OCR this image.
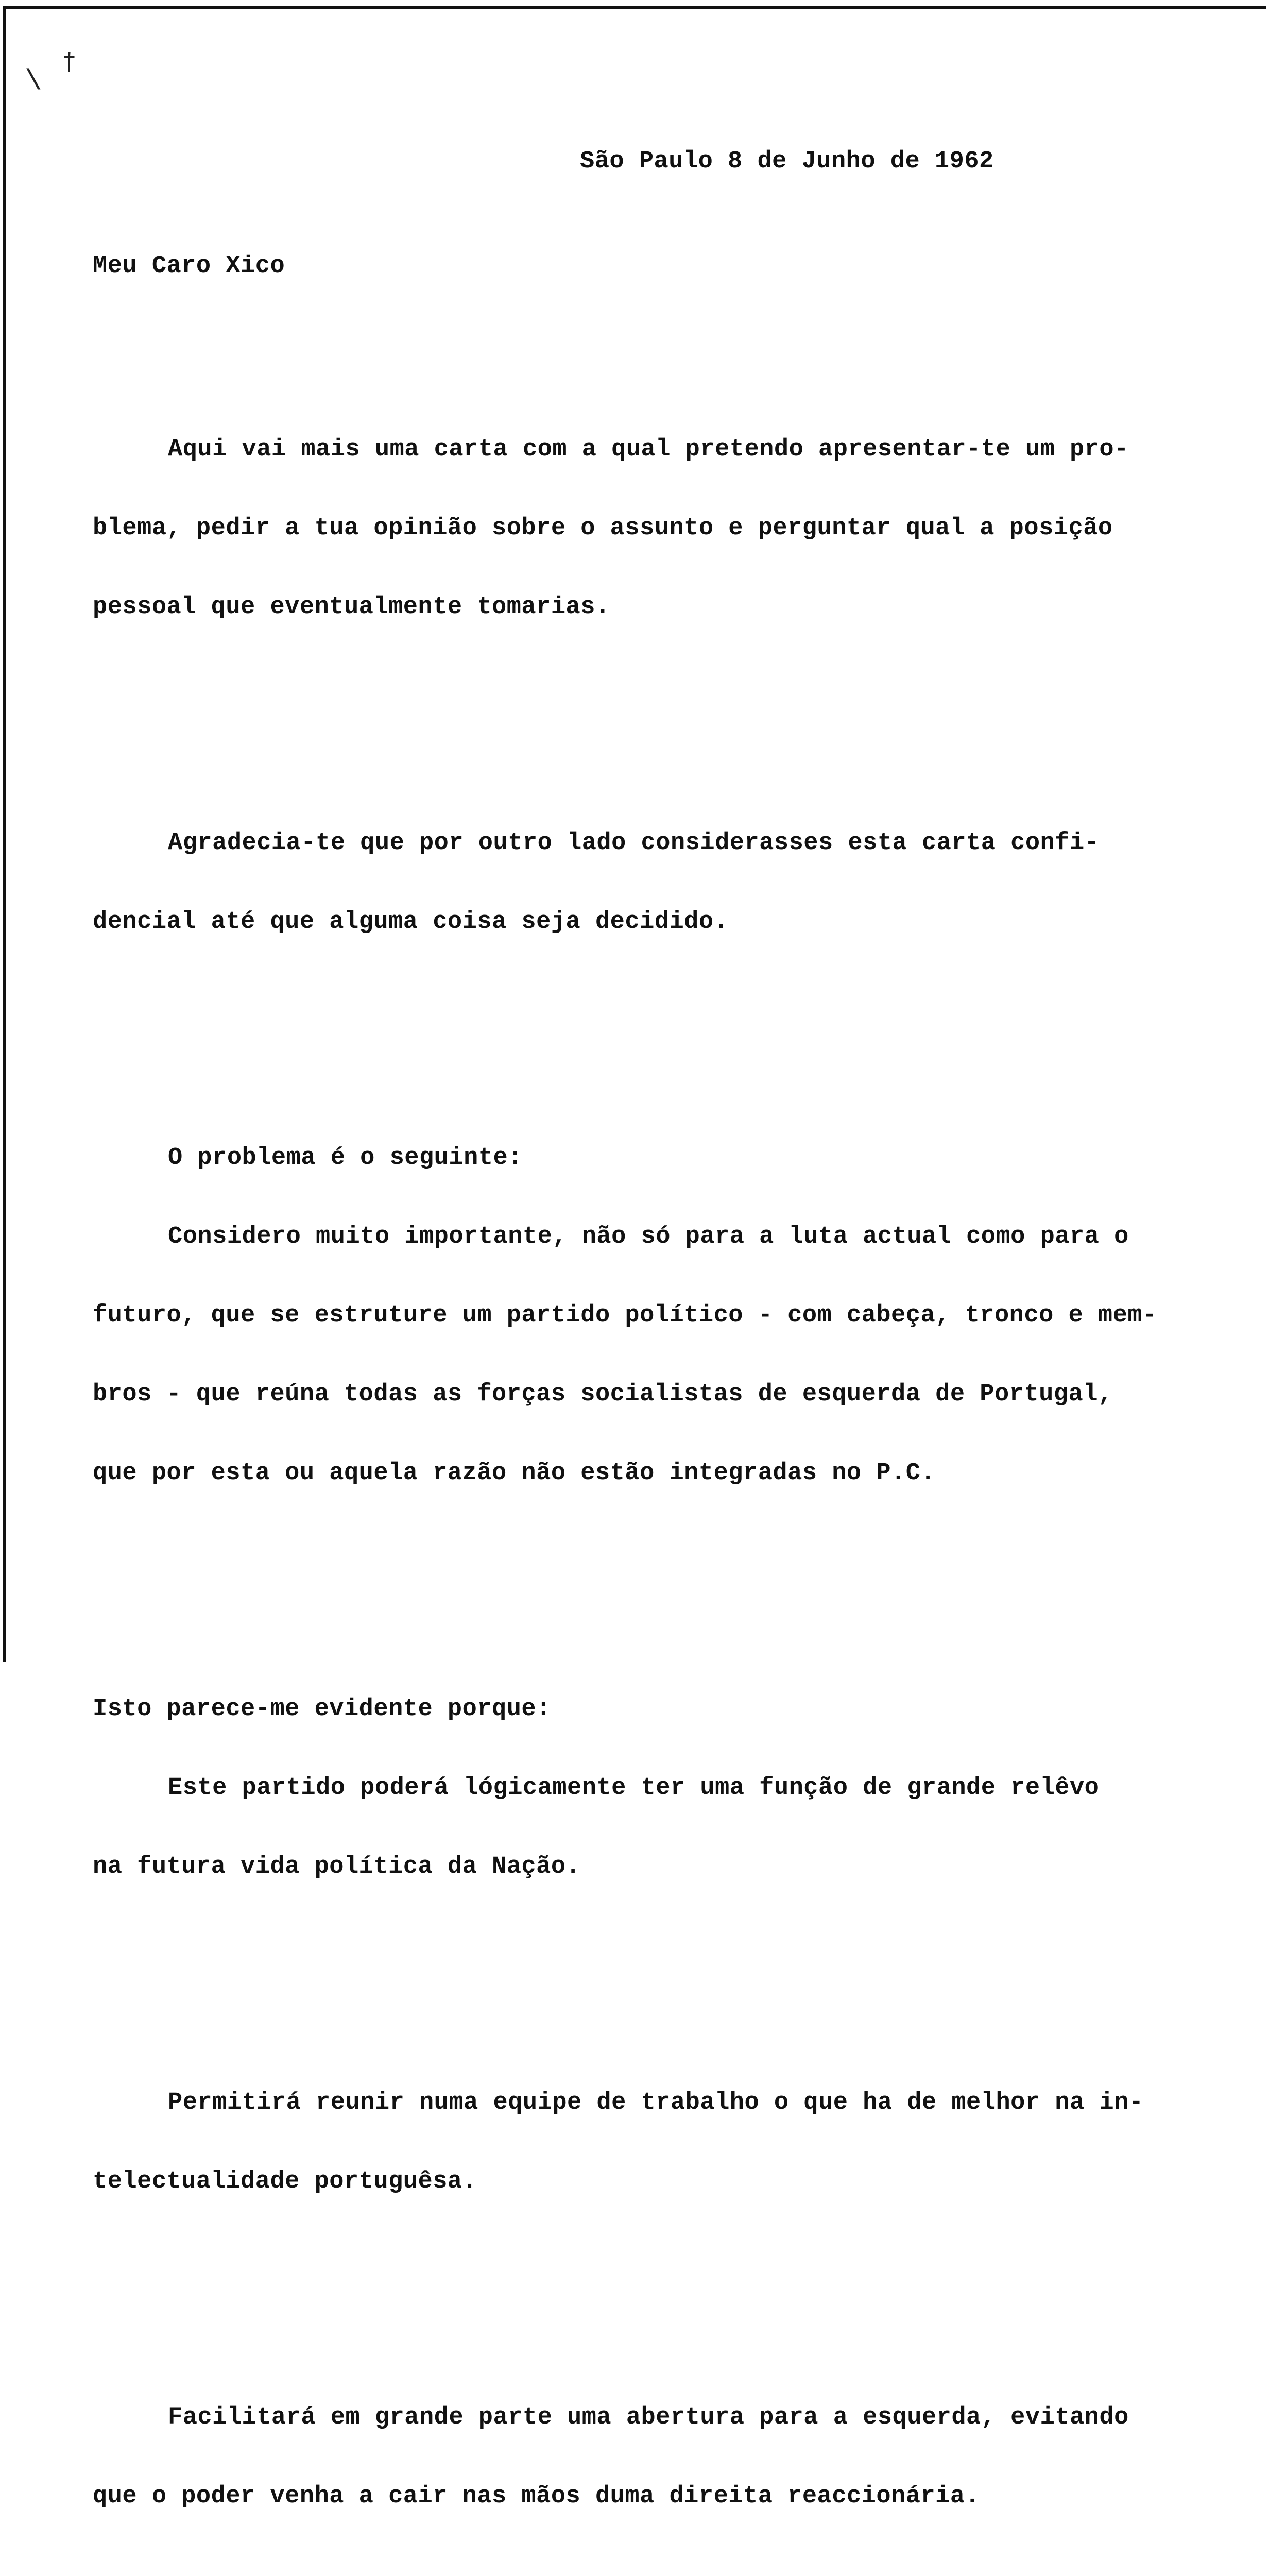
\
†

São Paulo 8 de Junho de 1962

Meu Caro Xico

Aqui vai mais uma carta com a qual pretendo apresentar-te um pro-

blema, pedir a tua opinião sobre o assunto e perguntar qual a posição

pessoal que eventualmente tomarias.

Agradecia-te que por outro lado considerasses esta carta confi-

dencial até que alguma coisa seja decidido.

O problema é o seguinte:

Considero muito importante, não só para a luta actual como para o

futuro, que se estruture um partido político - com cabeça, tronco e mem-

bros - que reúna todas as forças socialistas de esquerda de Portugal,

que por esta ou aquela razão não estão integradas no P.C.

Isto parece-me evidente porque:

Este partido poderá lógicamente ter uma função de grande relêvo

na futura vida política da Nação.

Permitirá reunir numa equipe de trabalho o que ha de melhor na in-

telectualidade portuguêsa.

Facilitará em grande parte uma abertura para a esquerda, evitando

que o poder venha a cair nas mãos duma direita reaccionária.
